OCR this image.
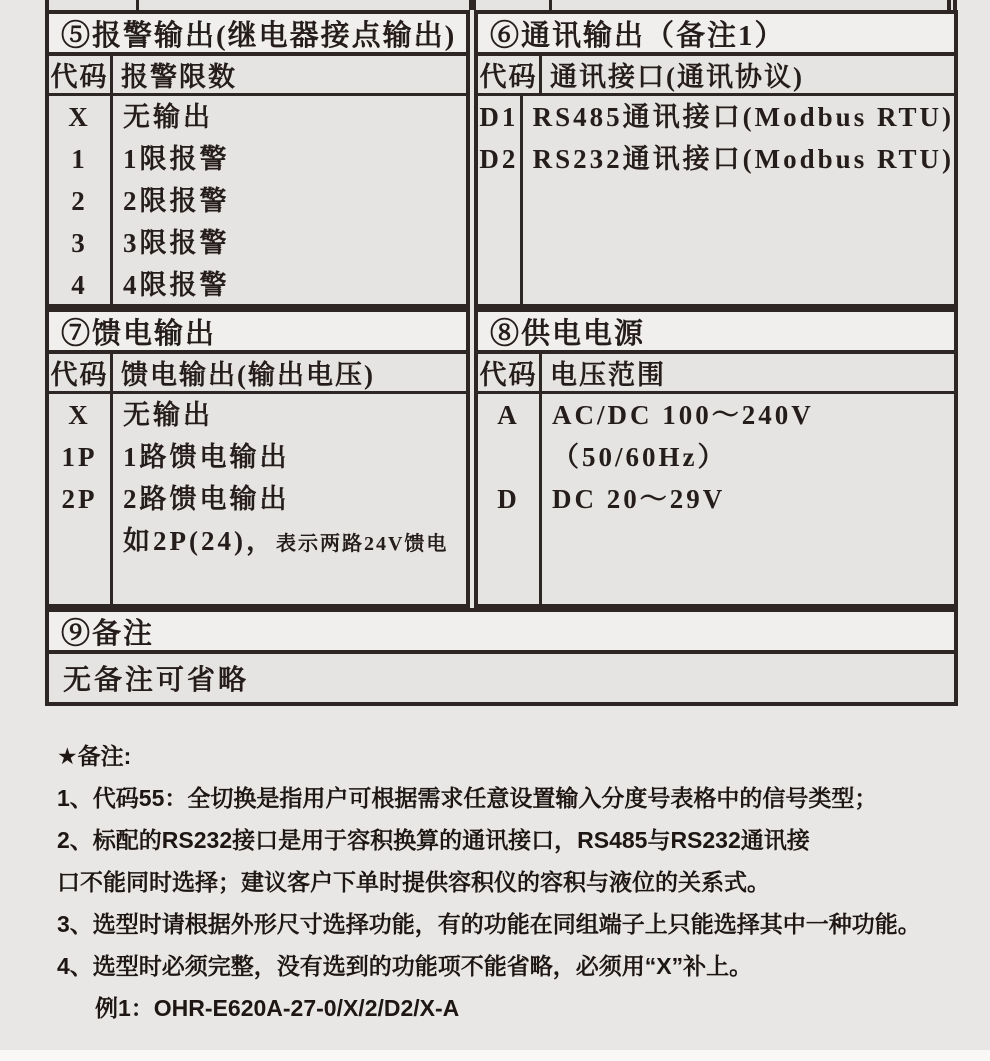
⑤报警输出(继电器接点输出)
代码 报警限数
X
1
2
3
4
无输出
1限报警
2限报警
3限报警
4限报警
⑥通讯输出（备注1）
代码 通讯接口(通讯协议)
D1
D2
RS485通讯接口(Modbus RTU)
RS232通讯接口(Modbus RTU)
⑦馈电输出
代码 馈电输出(输出电压)
X
1P
2P
无输出
1路馈电输出
2路馈电输出
如2P(24)，表示两路24V馈电
⑧供电电源
代码 电压范围
A
D
AC/DC 100～240V
（50/60Hz）
DC 20～29V
⑨备注
无备注可省略
★备注:
1、代码55：全切换是指用户可根据需求任意设置输入分度号表格中的信号类型；
2、标配的RS232接口是用于容积换算的通讯接口，RS485与RS232通讯接
口不能同时选择；建议客户下单时提供容积仪的容积与液位的关系式。
3、选型时请根据外形尺寸选择功能，有的功能在同组端子上只能选择其中一种功能。
4、选型时必须完整，没有选到的功能项不能省略，必须用“X”补上。
例1：OHR-E620A-27-0/X/2/D2/X-A
